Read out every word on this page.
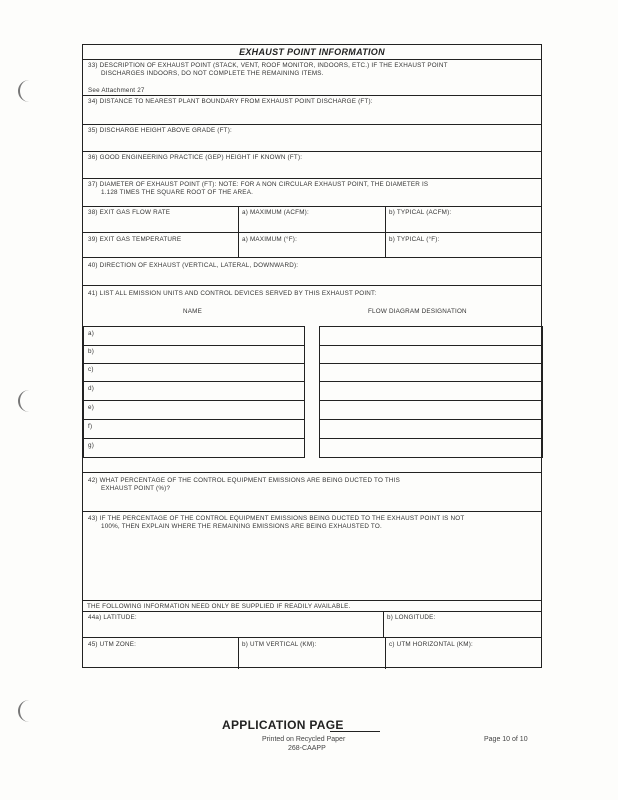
EXHAUST POINT INFORMATION
33) DESCRIPTION OF EXHAUST POINT (STACK, VENT, ROOF MONITOR, INDOORS, ETC.) IF THE EXHAUST POINT
DISCHARGES INDOORS, DO NOT COMPLETE THE REMAINING ITEMS.
See Attachment 27
34) DISTANCE TO NEAREST PLANT BOUNDARY FROM EXHAUST POINT DISCHARGE (FT):
35) DISCHARGE HEIGHT ABOVE GRADE (FT):
36) GOOD ENGINEERING PRACTICE (GEP) HEIGHT IF KNOWN (FT):
37) DIAMETER OF EXHAUST POINT (FT): NOTE: FOR A NON CIRCULAR EXHAUST POINT, THE DIAMETER IS
1.128 TIMES THE SQUARE ROOT OF THE AREA.
38) EXIT GAS FLOW RATE	a) MAXIMUM (ACFM):	b) TYPICAL (ACFM):
39) EXIT GAS TEMPERATURE	a) MAXIMUM (°F):	b) TYPICAL (°F):
40) DIRECTION OF EXHAUST (VERTICAL, LATERAL, DOWNWARD):
41) LIST ALL EMISSION UNITS AND CONTROL DEVICES SERVED BY THIS EXHAUST POINT:
NAME	FLOW DIAGRAM DESIGNATION
a)
b)
c)
d)
e)
f)
g)
42) WHAT PERCENTAGE OF THE CONTROL EQUIPMENT EMISSIONS ARE BEING DUCTED TO THIS
EXHAUST POINT (%)?
43) IF THE PERCENTAGE OF THE CONTROL EQUIPMENT EMISSIONS BEING DUCTED TO THE EXHAUST POINT IS NOT
100%, THEN EXPLAIN WHERE THE REMAINING EMISSIONS ARE BEING EXHAUSTED TO.
THE FOLLOWING INFORMATION NEED ONLY BE SUPPLIED IF READILY AVAILABLE.
44a) LATITUDE:	b) LONGITUDE:
45) UTM ZONE:	b) UTM VERTICAL (KM):	c) UTM HORIZONTAL (KM):
APPLICATION PAGE
Printed on Recycled Paper
268-CAAPP
Page 10 of 10
